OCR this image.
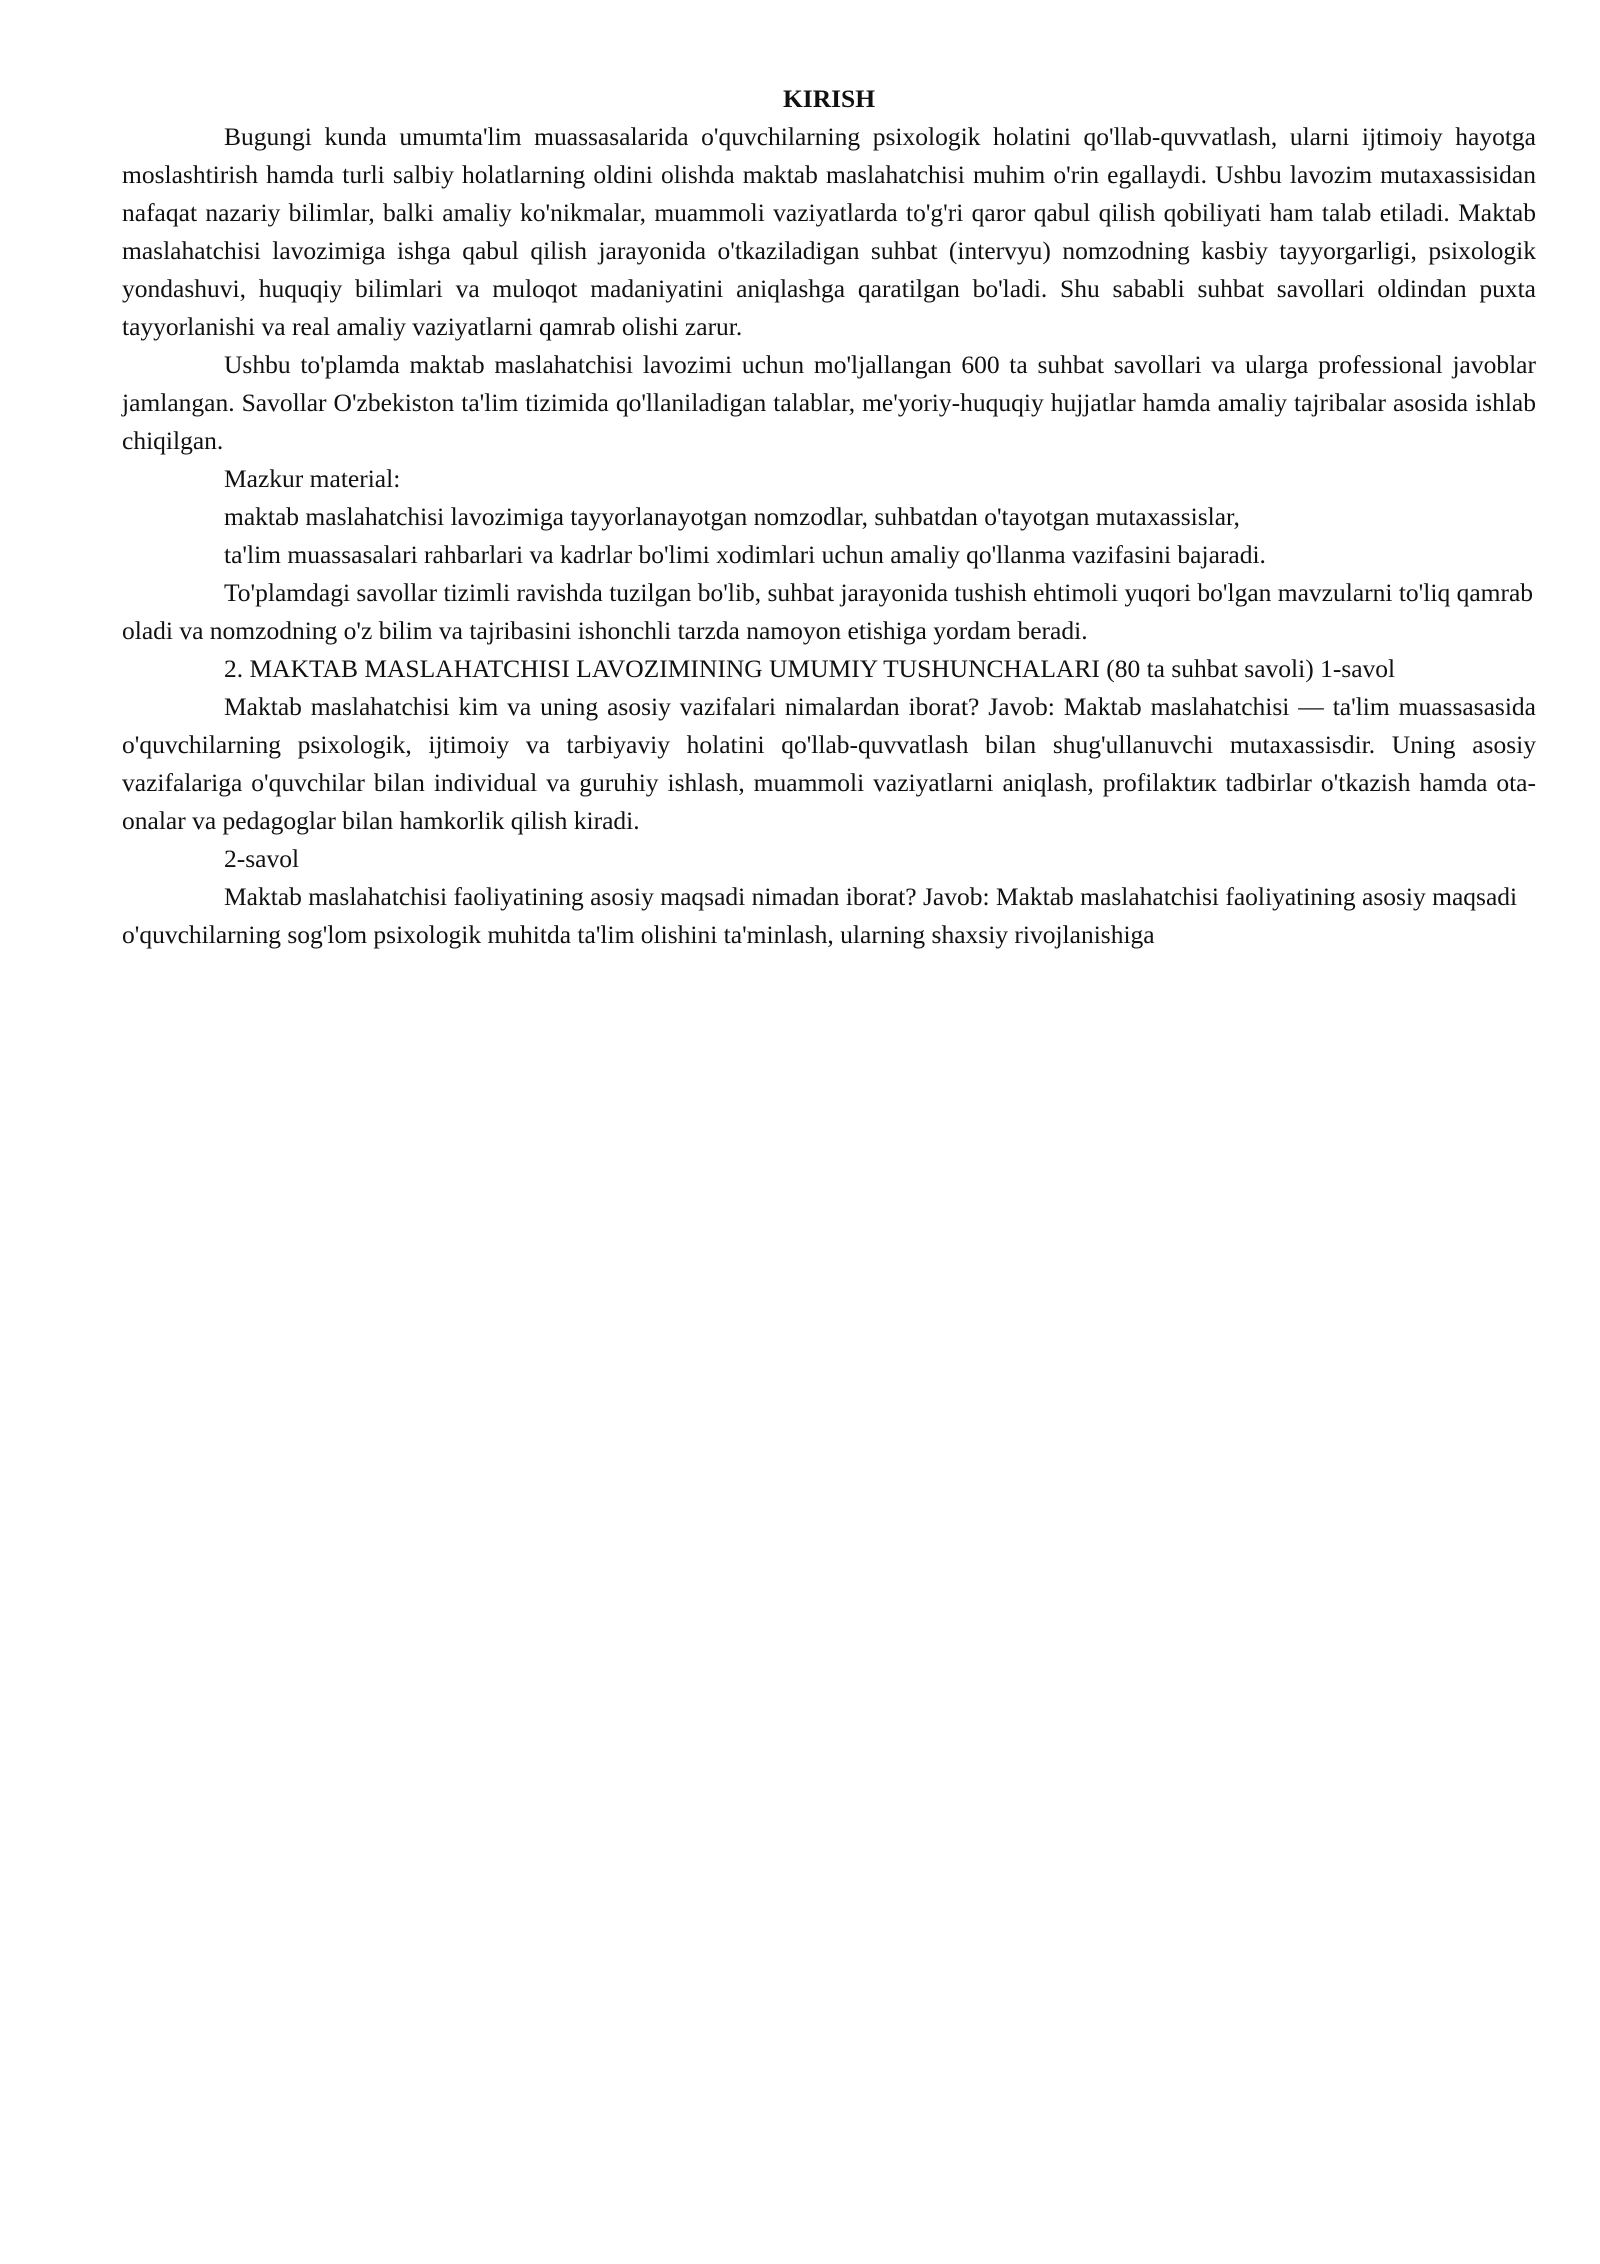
KIRISH

Bugungi kunda umumta'lim muassasalarida o'quvchilarning psixologik holatini qo'llab-quvvatlash, ularni ijtimoiy hayotga moslashtirish hamda turli salbiy holatlarning oldini olishda maktab maslahatchisi muhim o'rin egallaydi. Ushbu lavozim mutaxassisidan nafaqat nazariy bilimlar, balki amaliy ko'nikmalar, muammoli vaziyatlarda to'g'ri qaror qabul qilish qobiliyati ham talab etiladi. Maktab maslahatchisi lavozimiga ishga qabul qilish jarayonida o'tkaziladigan suhbat (intervyu) nomzodning kasbiy tayyorgarligi, psixologik yondashuvi, huquqiy bilimlari va muloqot madaniyatini aniqlashga qaratilgan bo'ladi. Shu sababli suhbat savollari oldindan puxta tayyorlanishi va real amaliy vaziyatlarni qamrab olishi zarur.

Ushbu to'plamda maktab maslahatchisi lavozimi uchun mo'ljallangan 600 ta suhbat savollari va ularga professional javoblar jamlangan. Savollar O'zbekiston ta'lim tizimida qo'llaniladigan talablar, me'yoriy-huquqiy hujjatlar hamda amaliy tajribalar asosida ishlab chiqilgan.

Mazkur material:

maktab maslahatchisi lavozimiga tayyorlanayotgan nomzodlar, suhbatdan o'tayotgan mutaxassislar,

ta'lim muassasalari rahbarlari va kadrlar bo'limi xodimlari uchun amaliy qo'llanma vazifasini bajaradi.

To'plamdagi savollar tizimli ravishda tuzilgan bo'lib, suhbat jarayonida tushish ehtimoli yuqori bo'lgan mavzularni to'liq qamrab oladi va nomzodning o'z bilim va tajribasini ishonchli tarzda namoyon etishiga yordam beradi.

2. MAKTAB MASLAHATCHISI LAVOZIMINING UMUMIY TUSHUNCHALARI (80 ta suhbat savoli) 1-savol

Maktab maslahatchisi kim va uning asosiy vazifalari nimalardan iborat? Javob: Maktab maslahatchisi — ta'lim muassasasida o'quvchilarning psixologik, ijtimoiy va tarbiyaviy holatini qo'llab-quvvatlash bilan shug'ullanuvchi mutaxassisdir. Uning asosiy vazifalariga o'quvchilar bilan individual va guruhiy ishlash, muammoli vaziyatlarni aniqlash, profilaktик tadbirlar o'tkazish hamda ota-onalar va pedagoglar bilan hamkorlik qilish kiradi.

2-savol

Maktab maslahatchisi faoliyatining asosiy maqsadi nimadan iborat? Javob: Maktab maslahatchisi faoliyatining asosiy maqsadi o'quvchilarning sog'lom psixologik muhitda ta'lim olishini ta'minlash, ularning shaxsiy rivojlanishiga
